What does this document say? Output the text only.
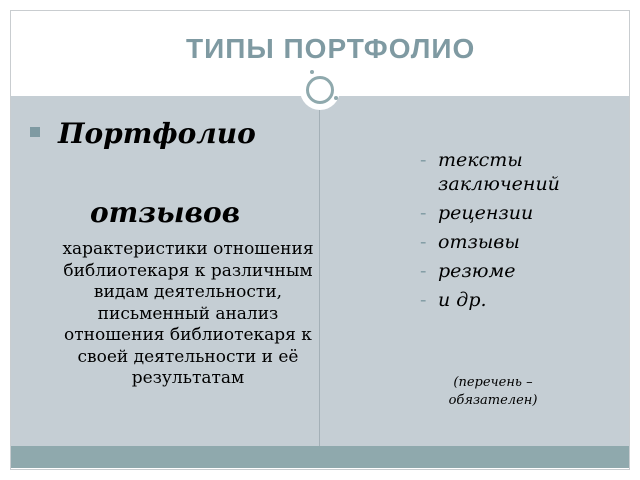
ТИПЫ ПОРТФОЛИО
Портфолио
отзывов
характеристики отношения библиотекаря к различным видам деятельности, письменный анализ отношения библиотекаря к своей деятельности и её результатам
- тексты заключений
- рецензии
- отзывы
- резюме
- и др.
(перечень – обязателен)
